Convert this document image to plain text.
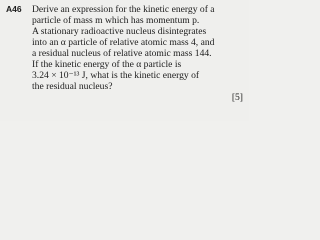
A46 Derive an expression for the kinetic energy of a
particle of mass m which has momentum p.
A stationary radioactive nucleus disintegrates
into an α particle of relative atomic mass 4, and
a residual nucleus of relative atomic mass 144.
If the kinetic energy of the α particle is
3.24 × 10⁻¹³ J, what is the kinetic energy of
the residual nucleus?
[5]
